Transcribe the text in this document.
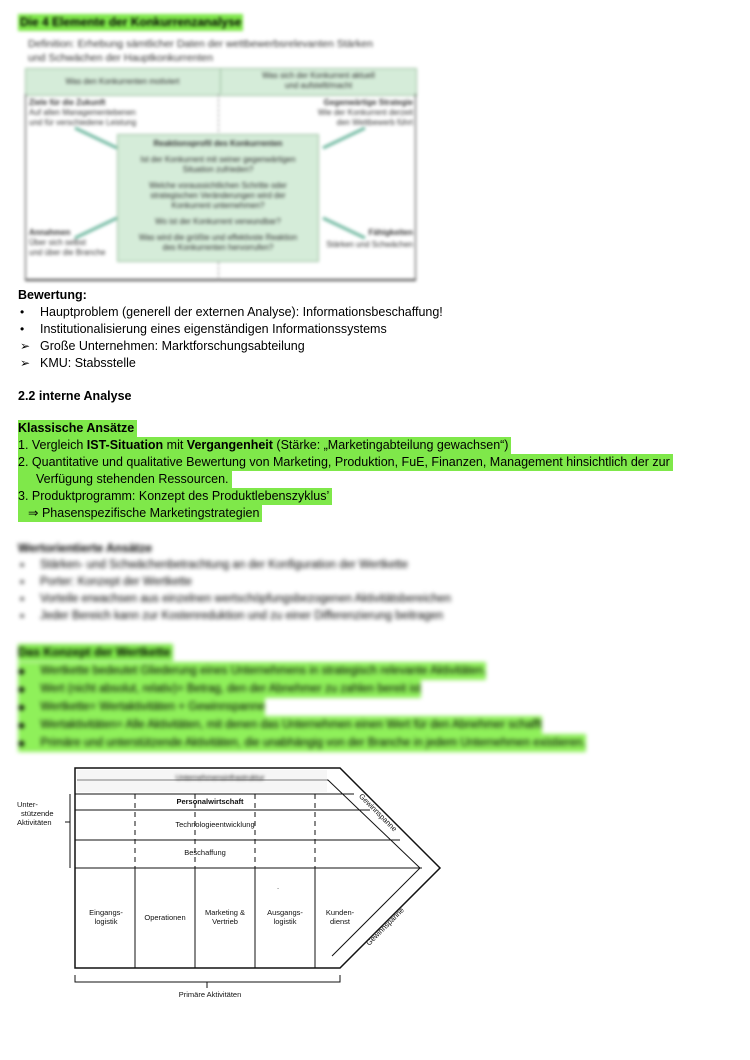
Die 4 Elemente der Konkurrenzanalyse
Definition: Erhebung sämtlicher Daten der wettbewerbsrelevanten Stärken
und Schwächen der Hauptkonkurrenten
Was den Konkurrenten motiviert
Was sich der Konkurrent aktuell
und aufstellt/macht
Ziele für die Zukunft
Auf allen Managementebenen
und für verschiedene Leistung
Gegenwärtige Strategie
Wie der Konkurrent derzeit
den Wettbewerb führt
Reaktionsprofil des Konkurrenten
Ist der Konkurrent mit seiner gegenwärtigen
Situation zufrieden?
Welche voraussichtlichen Schritte oder
strategischen Veränderungen wird der
Konkurrent unternehmen?
Wo ist der Konkurrent verwundbar?
Was wird die größte und effektivste Reaktion
des Konkurrenten hervorrufen?
Annahmen
Über sich selbst
und über die Branche
Fähigkeiten
Stärken und Schwächen
Bewertung:
• Hauptproblem (generell der externen Analyse): Informationsbeschaffung!
• Institutionalisierung eines eigenständigen Informationssystems
➢ Große Unternehmen: Marktforschungsabteilung
➢ KMU: Stabsstelle
2.2 interne Analyse
Klassische Ansätze
1. Vergleich IST-Situation mit Vergangenheit (Stärke: „Marketingabteilung gewachsen“)
2. Quantitative und qualitative Bewertung von Marketing, Produktion, FuE, Finanzen, Management hinsichtlich der zur
Verfügung stehenden Ressourcen.
3. Produktprogramm: Konzept des Produktlebenszyklus’
⇒ Phasenspezifische Marketingstrategien
Wertorientierte Ansätze
• Stärken- und Schwächenbetrachtung an der Konfiguration der Wertkette
• Porter: Konzept der Wertkette
• Vorteile erwachsen aus einzelnen wertschöpfungsbezogenen Aktivitätsbereichen
• Jeder Bereich kann zur Kostenreduktion und zu einer Differenzierung beitragen
Das Konzept der Wertkette
◆ Wertkette bedeutet Gliederung eines Unternehmens in strategisch relevante Aktivitäten.
◆ Wert (nicht absolut, relativ)= Betrag, den der Abnehmer zu zahlen bereit ist
◆ Wertkette= Wertaktivitäten + Gewinnspanne
◆ Wertaktivitäten= Alle Aktivitäten, mit denen das Unternehmen einen Wert für den Abnehmer schafft
◆ Primäre und unterstützende Aktivitäten, die unabhängig von der Branche in jedem Unternehmen existieren.
Unternehmensinfrastruktur
Personalwirtschaft
Technologieentwicklung
Beschaffung
Unter-
stützende
Aktivitäten
Eingangs-
logistik	Operationen
Marketing &
Vertrieb
Ausgangs-
logistik
Kunden-
dienst
.
Gewinnspanne
Gewinnspanne
Primäre Aktivitäten
